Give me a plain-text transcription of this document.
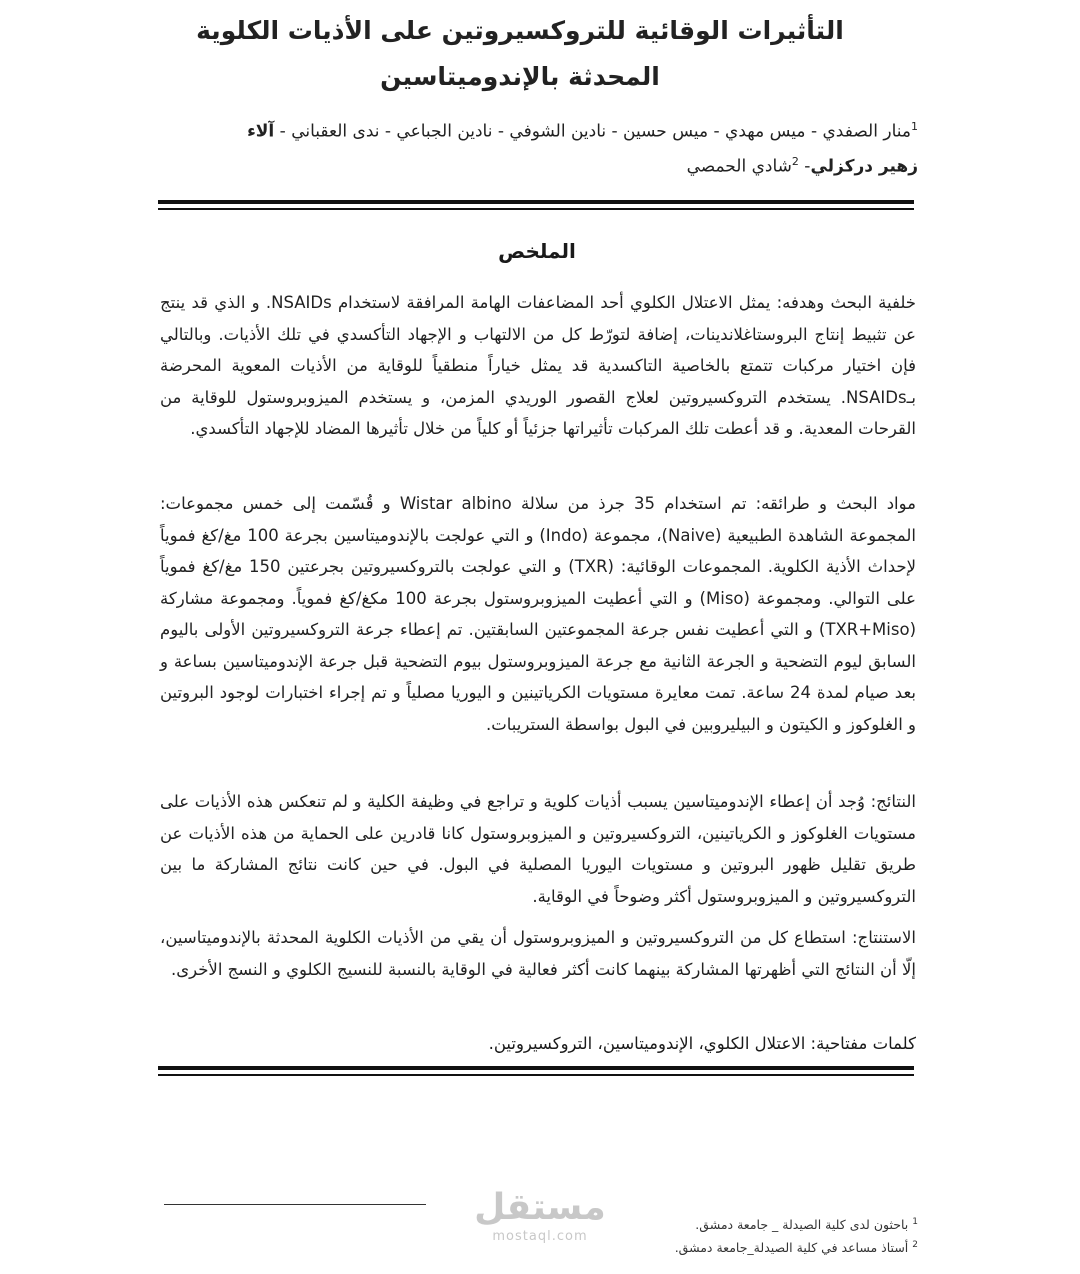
التأثيرات الوقائية للتروكسيروتين على الأذيات الكلوية المحدثة بالإندوميتاسين
$^1$منار الصفدي - ميس مهدي - ميس حسين - نادين الشوفي - نادين الجباعي - ندى العقباني - آلاء
زهير دركزلي- $^2$شادي الحمصي
الملخص

خلفية البحث وهدفه: يمثل الاعتلال الكلوي أحد المضاعفات الهامة المرافقة لاستخدام NSAIDs. و الذي قد ينتج عن تثبيط إنتاج البروستاغلاندينات، إضافة لتورّط كل من الالتهاب و الإجهاد التأكسدي في تلك الأذيات. وبالتالي فإن اختيار مركبات تتمتع بالخاصية التاكسدية قد يمثل خياراً منطقياً للوقاية من الأذيات المعوية المحرضة بـNSAIDs. يستخدم التروكسيروتين لعلاج القصور الوريدي المزمن، و يستخدم الميزوبروستول للوقاية من القرحات المعدية. و قد أعطت تلك المركبات تأثيراتها جزئياً أو كلياً من خلال تأثيرها المضاد للإجهاد التأكسدي.

مواد البحث و طرائقه: تم استخدام 35 جرذ من سلالة Wistar albino و قُسّمت إلى خمس مجموعات: المجموعة الشاهدة الطبيعية (Naive)، مجموعة (Indo) و التي عولجت بالإندوميتاسين بجرعة 100 مغ/كغ فموياً لإحداث الأذية الكلوية. المجموعات الوقائية: (TXR) و التي عولجت بالتروكسيروتين بجرعتين 150 مغ/كغ فموياً على التوالي. ومجموعة (Miso) و التي أعطيت الميزوبروستول بجرعة 100 مكغ/كغ فموياً. ومجموعة مشاركة (TXR+Miso) و التي أعطيت نفس جرعة المجموعتين السابقتين. تم إعطاء جرعة التروكسيروتين الأولى باليوم السابق ليوم التضحية و الجرعة الثانية مع جرعة الميزوبروستول بيوم التضحية قبل جرعة الإندوميتاسين بساعة و بعد صيام لمدة 24 ساعة. تمت معايرة مستويات الكرياتينين و اليوريا مصلياً و تم إجراء اختبارات لوجود البروتين و الغلوكوز و الكيتون و البيليروبين في البول بواسطة الستريبات.

النتائج: وُجد أن إعطاء الإندوميتاسين يسبب أذيات كلوية و تراجع في وظيفة الكلية و لم تنعكس هذه الأذيات على مستويات الغلوكوز و الكرياتينين، التروكسيروتين و الميزوبروستول كانا قادرين على الحماية من هذه الأذيات عن طريق تقليل ظهور البروتين و مستويات اليوريا المصلية في البول. في حين كانت نتائج المشاركة ما بين التروكسيروتين و الميزوبروستول أكثر وضوحاً في الوقاية.

الاستنتاج: استطاع كل من التروكسيروتين و الميزوبروستول أن يقي من الأذيات الكلوية المحدثة بالإندوميتاسين، إلّا أن النتائج التي أظهرتها المشاركة بينهما كانت أكثر فعالية في الوقاية بالنسبة للنسيج الكلوي و النسج الأخرى.

كلمات مفتاحية: الاعتلال الكلوي، الإندوميتاسين، التروكسيروتين.
مستقل
mostaql.com
$^1$ باحثون لدى كلية الصيدلة _ جامعة دمشق.
$^2$ أستاذ مساعد في كلية الصيدلة_جامعة دمشق.
